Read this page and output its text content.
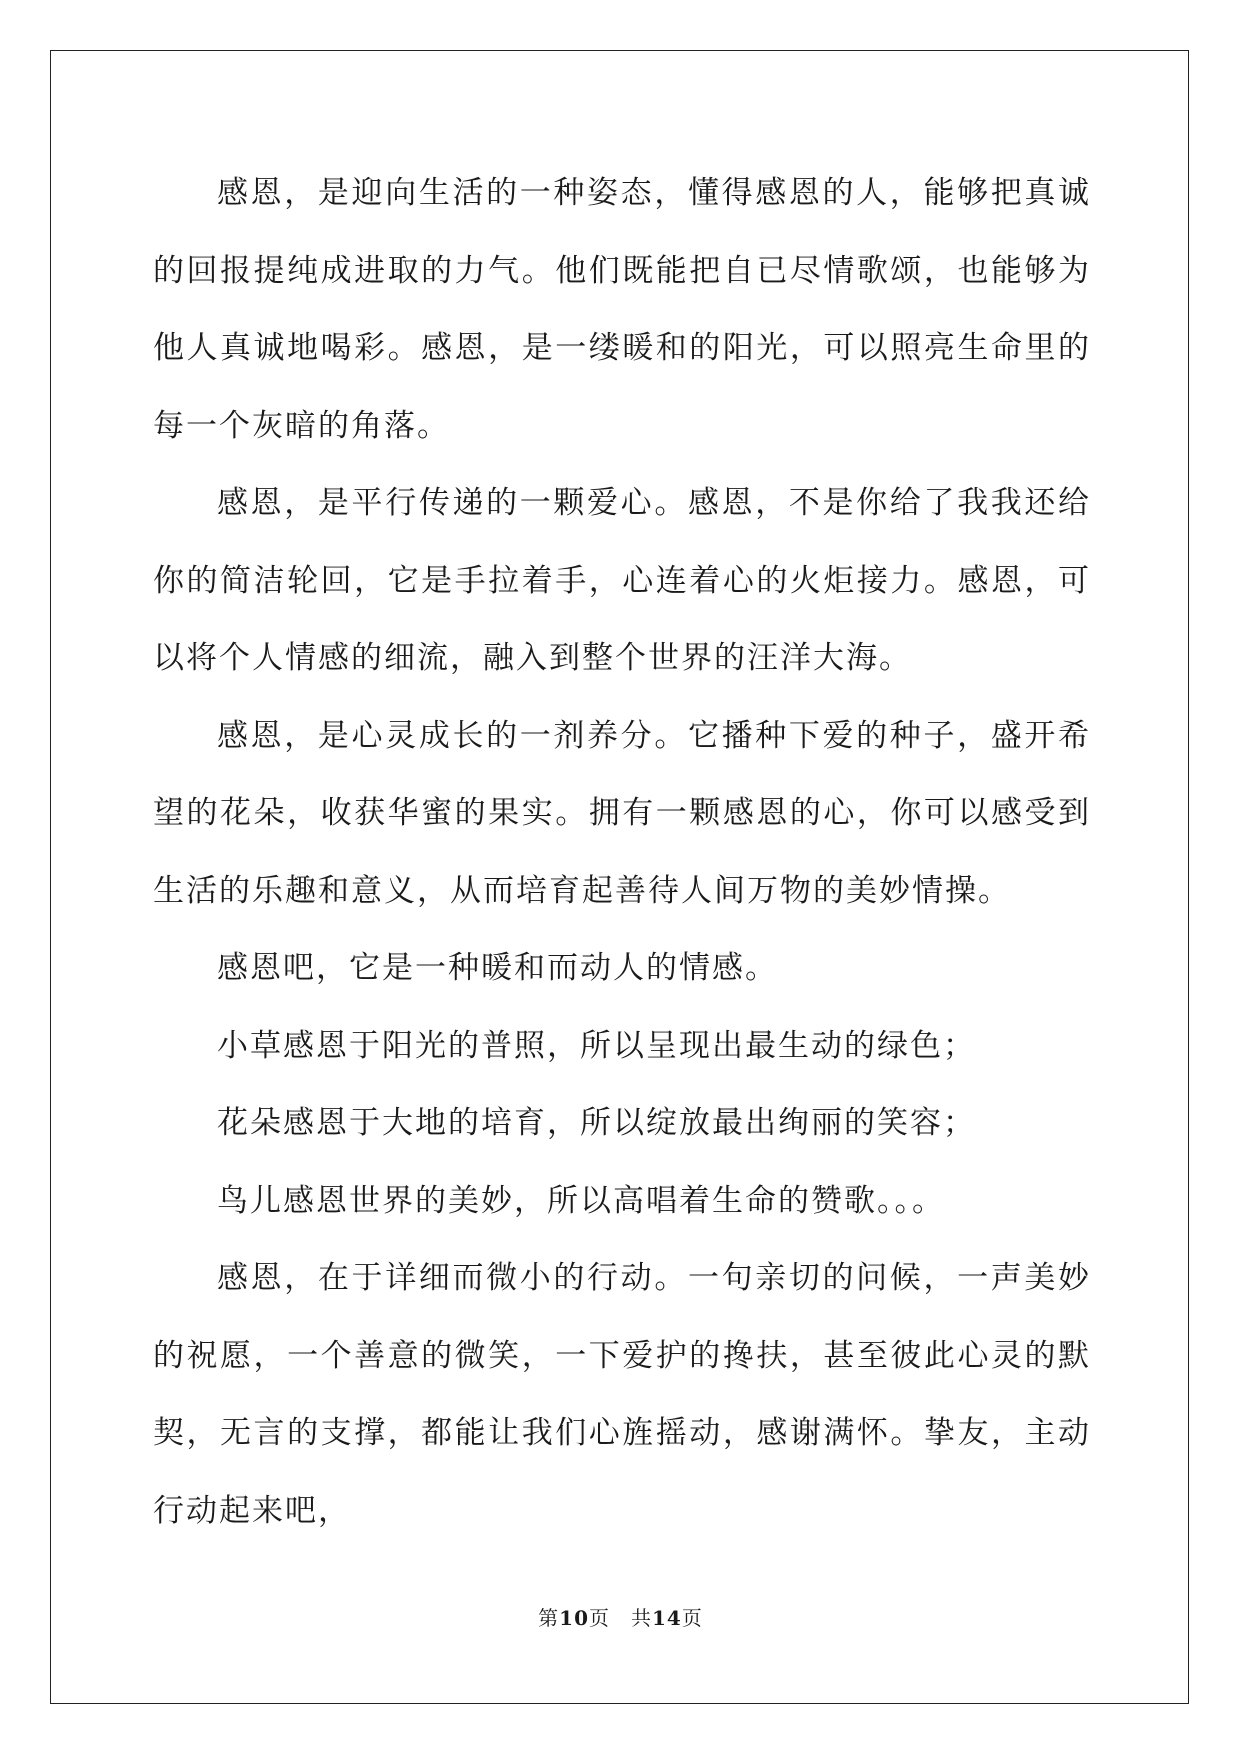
感恩，是迎向生活的一种姿态，懂得感恩的人，能够把真诚的回报提纯成进取的力气。他们既能把自已尽情歌颂，也能够为他人真诚地喝彩。感恩，是一缕暖和的阳光，可以照亮生命里的每一个灰暗的角落。

感恩，是平行传递的一颗爱心。感恩，不是你给了我我还给你的简洁轮回，它是手拉着手，心连着心的火炬接力。感恩，可以将个人情感的细流，融入到整个世界的汪洋大海。

感恩，是心灵成长的一剂养分。它播种下爱的种子，盛开希望的花朵，收获华蜜的果实。拥有一颗感恩的心，你可以感受到生活的乐趣和意义，从而培育起善待人间万物的美妙情操。

感恩吧，它是一种暖和而动人的情感。

小草感恩于阳光的普照，所以呈现出最生动的绿色；

花朵感恩于大地的培育，所以绽放最出绚丽的笑容；

鸟儿感恩世界的美妙，所以高唱着生命的赞歌。。。

感恩，在于详细而微小的行动。一句亲切的问候，一声美妙的祝愿，一个善意的微笑，一下爱护的搀扶，甚至彼此心灵的默契，无言的支撑，都能让我们心旌摇动，感谢满怀。挚友，主动行动起来吧，

第10页　共14页
